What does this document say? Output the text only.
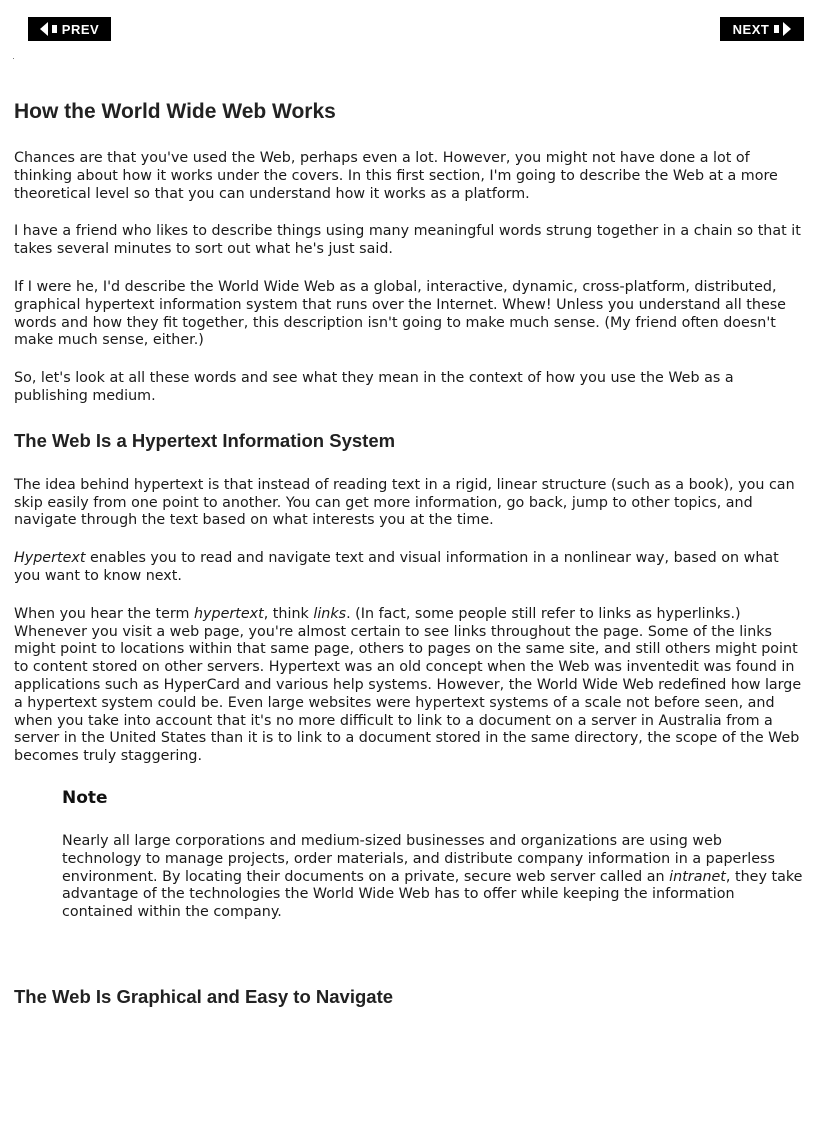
PREV	NEXT
How the World Wide Web Works

Chances are that you've used the Web, perhaps even a lot. However, you might not have done a lot of thinking about how it works under the covers. In this first section, I'm going to describe the Web at a more theoretical level so that you can understand how it works as a platform.

I have a friend who likes to describe things using many meaningful words strung together in a chain so that it takes several minutes to sort out what he's just said.

If I were he, I'd describe the World Wide Web as a global, interactive, dynamic, cross-platform, distributed, graphical hypertext information system that runs over the Internet. Whew! Unless you understand all these words and how they fit together, this description isn't going to make much sense. (My friend often doesn't make much sense, either.)

So, let's look at all these words and see what they mean in the context of how you use the Web as a publishing medium.

The Web Is a Hypertext Information System

The idea behind hypertext is that instead of reading text in a rigid, linear structure (such as a book), you can skip easily from one point to another. You can get more information, go back, jump to other topics, and navigate through the text based on what interests you at the time.

Hypertext enables you to read and navigate text and visual information in a nonlinear way, based on what you want to know next.

When you hear the term hypertext, think links. (In fact, some people still refer to links as hyperlinks.) Whenever you visit a web page, you're almost certain to see links throughout the page. Some of the links might point to locations within that same page, others to pages on the same site, and still others might point to content stored on other servers. Hypertext was an old concept when the Web was inventedit was found in applications such as HyperCard and various help systems. However, the World Wide Web redefined how large a hypertext system could be. Even large websites were hypertext systems of a scale not before seen, and when you take into account that it's no more difficult to link to a document on a server in Australia from a server in the United States than it is to link to a document stored in the same directory, the scope of the Web becomes truly staggering.

Note

Nearly all large corporations and medium-sized businesses and organizations are using web technology to manage projects, order materials, and distribute company information in a paperless environment. By locating their documents on a private, secure web server called an intranet, they take advantage of the technologies the World Wide Web has to offer while keeping the information contained within the company.

The Web Is Graphical and Easy to Navigate
